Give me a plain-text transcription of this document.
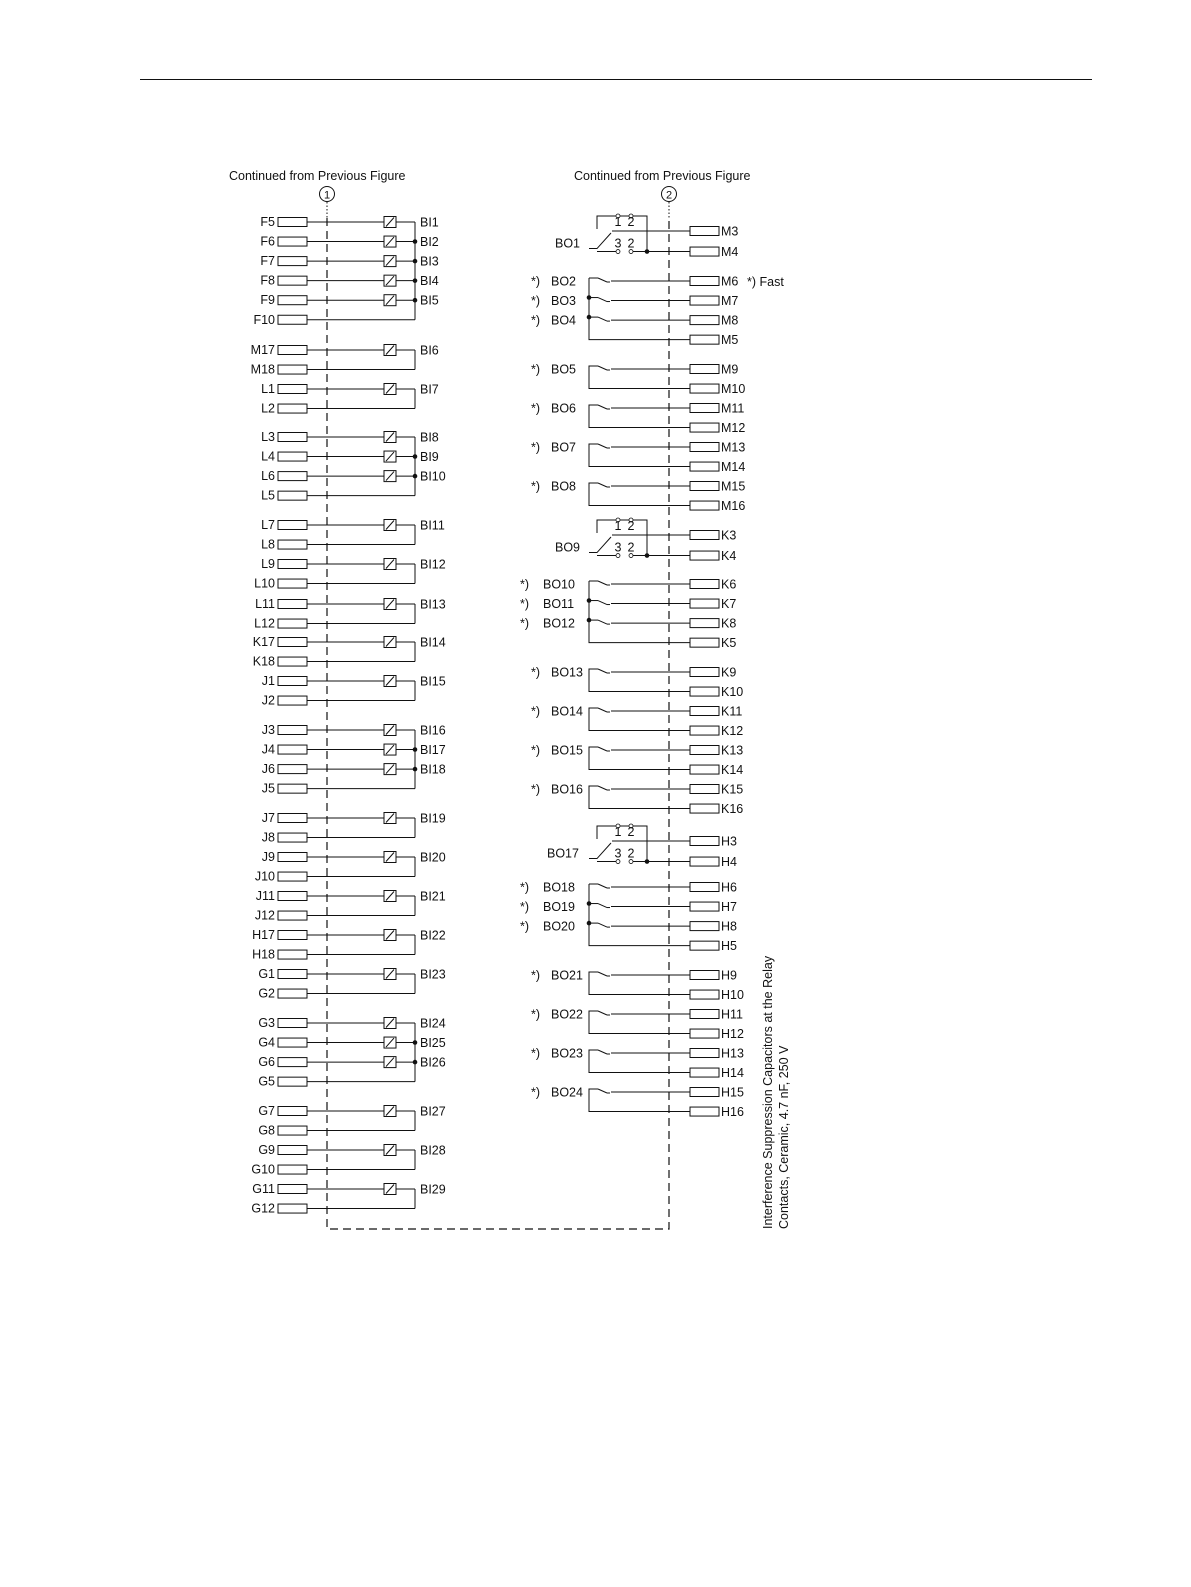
Continued from Previous Figure	Continued from Previous Figure
1	2
F5
F6
F7
F8
F9
F10
BI1
BI2
BI3
BI4
BI5
M17
M18
BI6
L1
L2
BI7
L3
L4
L6
L5
BI8
BI9
BI10
L7
L8
BI11
L9
L10
BI12
L11
L12
BI13
K17
K18
BI14
J1
J2
BI15
J3
J4
J6
J5
BI16
BI17
BI18
J7
J8
BI19
J9
J10
BI20
J11
J12
BI21
H17
H18
BI22
G1
G2
BI23
G3
G4
G6
G5
BI24
BI25
BI26
G7
G8
BI27
G9
G10
BI28
G11
G12
BI29
BO1
1 2
3 2
M3
M4
*) BO2
*) BO3
*) BO4
M6
M7
M8
M5
*) BO5	M9
M10
*) BO6	M11
M12
*) BO7	M13
M14
*) BO8	M15
M16
BO9
1 2
3 2
K3
K4
*) BO10
*) BO11
*) BO12
K6
K7
K8
K5
*) BO13	K9
K10
*) BO14	K11
K12
*) BO15	K13
K14
*) BO16	K15
K16
BO17
1 2
3 2
H3
H4
*) BO18
*) BO19
*) BO20
H6
H7
H8
H5
*) BO21	H9
H10
*) BO22	H11
H12
*) BO23	H13
H14
*) BO24	H15
H16
*) Fast
Interference Suppression Capacitors at the Relay Contacts, Ceramic, 4.7 nF, 250 V
